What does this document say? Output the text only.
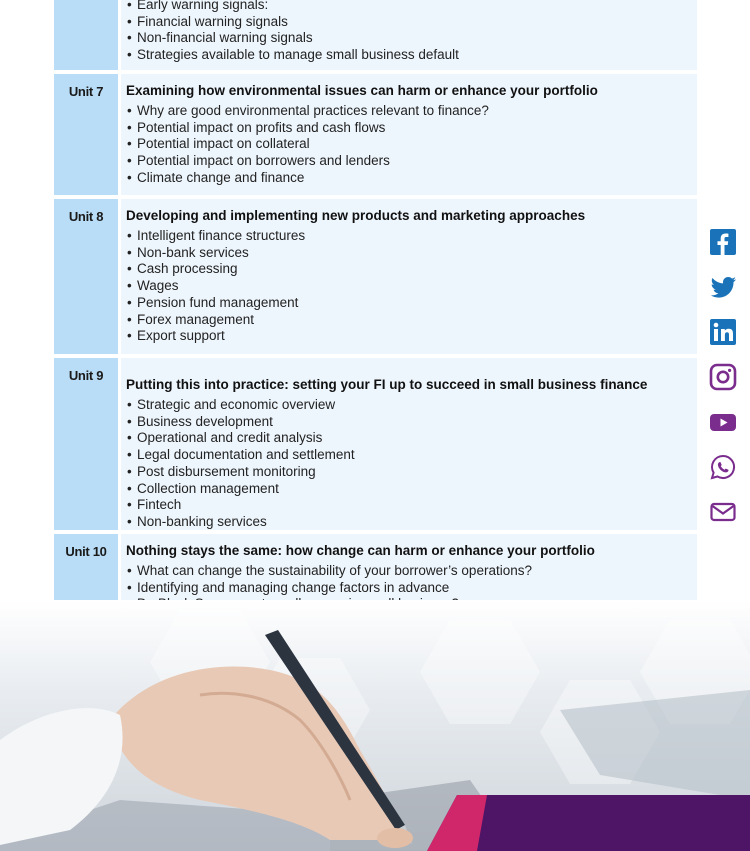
• Early warning signals:
• Financial warning signals
• Non-financial warning signals
• Strategies available to manage small business default
Unit 7	Examining how environmental issues can harm or enhance your portfolio
• Why are good environmental practices relevant to finance?
• Potential impact on profits and cash flows
• Potential impact on collateral
• Potential impact on borrowers and lenders
• Climate change and finance
Unit 8	Developing and implementing new products and marketing approaches
• Intelligent finance structures
• Non-bank services
• Cash processing
• Wages
• Pension fund management
• Forex management
• Export support
Unit 9
Putting this into practice: setting your FI up to succeed in small business finance
• Strategic and economic overview
• Business development
• Operational and credit analysis
• Legal documentation and settlement
• Post disbursement monitoring
• Collection management
• Fintech
• Non-banking services
Unit 10	Nothing stays the same: how change can harm or enhance your portfolio
• What can change the sustainability of your borrower’s operations?
• Identifying and managing change factors in advance
•
